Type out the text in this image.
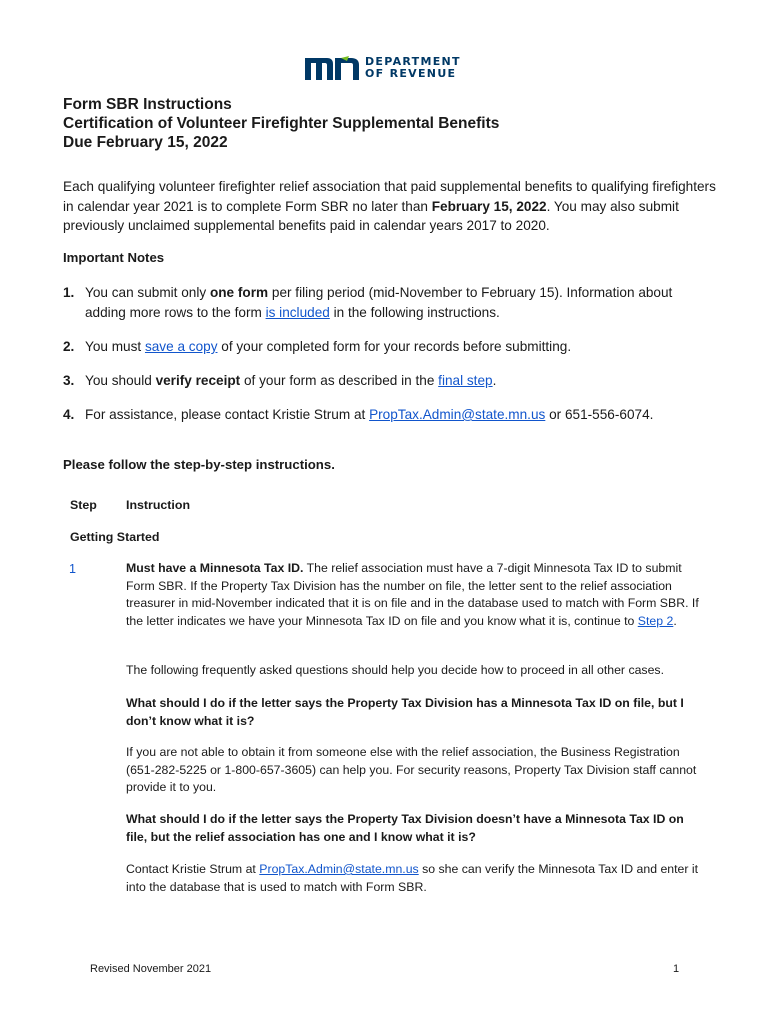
DEPARTMENT
OF REVENUE
Form SBR Instructions
Certification of Volunteer Firefighter Supplemental Benefits
Due February 15, 2022
Each qualifying volunteer firefighter relief association that paid supplemental benefits to qualifying firefighters in calendar year 2021 is to complete Form SBR no later than February 15, 2022. You may also submit previously unclaimed supplemental benefits paid in calendar years 2017 to 2020.
Important Notes
1. You can submit only one form per filing period (mid-November to February 15). Information about adding more rows to the form is included in the following instructions.
2. You must save a copy of your completed form for your records before submitting.
3. You should verify receipt of your form as described in the final step.
4. For assistance, please contact Kristie Strum at PropTax.Admin@state.mn.us or 651-556-6074.
Please follow the step-by-step instructions.
Step Instruction
Getting Started
1	Must have a Minnesota Tax ID. The relief association must have a 7-digit Minnesota Tax ID to submit Form SBR. If the Property Tax Division has the number on file, the letter sent to the relief association treasurer in mid-November indicated that it is on file and in the database used to match with Form SBR. If the letter indicates we have your Minnesota Tax ID on file and you know what it is, continue to Step 2.
The following frequently asked questions should help you decide how to proceed in all other cases.
What should I do if the letter says the Property Tax Division has a Minnesota Tax ID on file, but I don’t know what it is?
If you are not able to obtain it from someone else with the relief association, the Business Registration (651-282-5225 or 1-800-657-3605) can help you. For security reasons, Property Tax Division staff cannot provide it to you.
What should I do if the letter says the Property Tax Division doesn’t have a Minnesota Tax ID on file, but the relief association has one and I know what it is?
Contact Kristie Strum at PropTax.Admin@state.mn.us so she can verify the Minnesota Tax ID and enter it into the database that is used to match with Form SBR.
Revised November 2021	1
